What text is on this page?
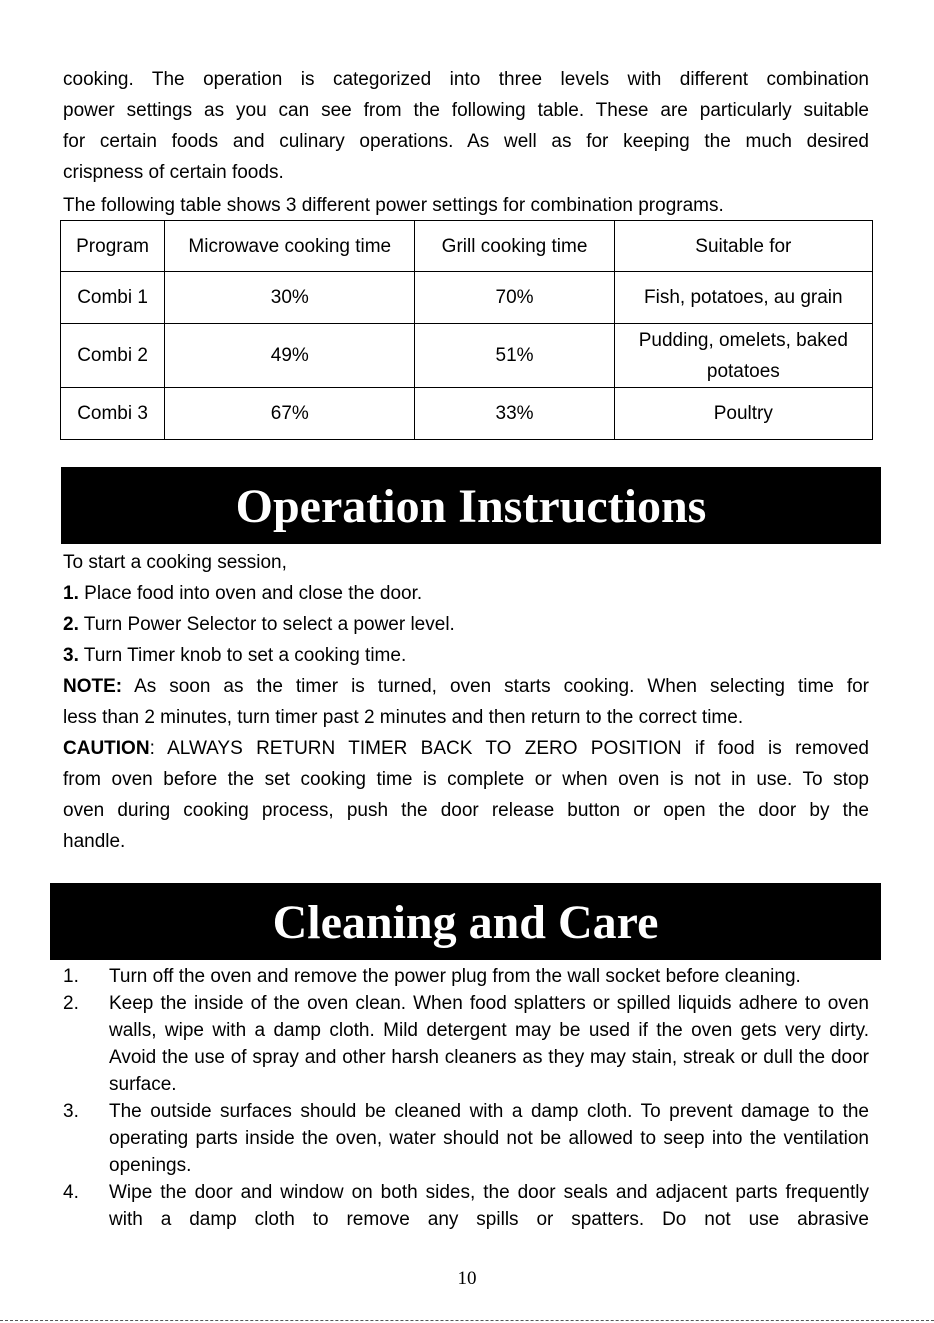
cooking. The operation is categorized into three levels with different combination
power settings as you can see from the following table. These are particularly suitable
for certain foods and culinary operations. As well as for keeping the much desired
crispness of certain foods.
The following table shows 3 different power settings for combination programs.
Program	Microwave cooking time	Grill cooking time	Suitable for
Combi 1	30%	70%	Fish, potatoes, au grain
Combi 2	49%	51%	Pudding, omelets, baked potatoes
Combi 3	67%	33%	Poultry
Operation Instructions
To start a cooking session,
1. Place food into oven and close the door.
2. Turn Power Selector to select a power level.
3. Turn Timer knob to set a cooking time.
NOTE: As soon as the timer is turned, oven starts cooking. When selecting time for
less than 2 minutes, turn timer past 2 minutes and then return to the correct time.
CAUTION: ALWAYS RETURN TIMER BACK TO ZERO POSITION if food is removed
from oven before the set cooking time is complete or when oven is not in use. To stop
oven during cooking process, push the door release button or open the door by the
handle.
Cleaning and Care
1. Turn off the oven and remove the power plug from the wall socket before cleaning.
2. Keep the inside of the oven clean. When food splatters or spilled liquids adhere to oven walls, wipe with a damp cloth. Mild detergent may be used if the oven gets very dirty. Avoid the use of spray and other harsh cleaners as they may stain, streak or dull the door surface.
3. The outside surfaces should be cleaned with a damp cloth. To prevent damage to the operating parts inside the oven, water should not be allowed to seep into the ventilation openings.
4. Wipe the door and window on both sides, the door seals and adjacent parts frequently with a damp cloth to remove any spills or spatters. Do not use abrasive
10
